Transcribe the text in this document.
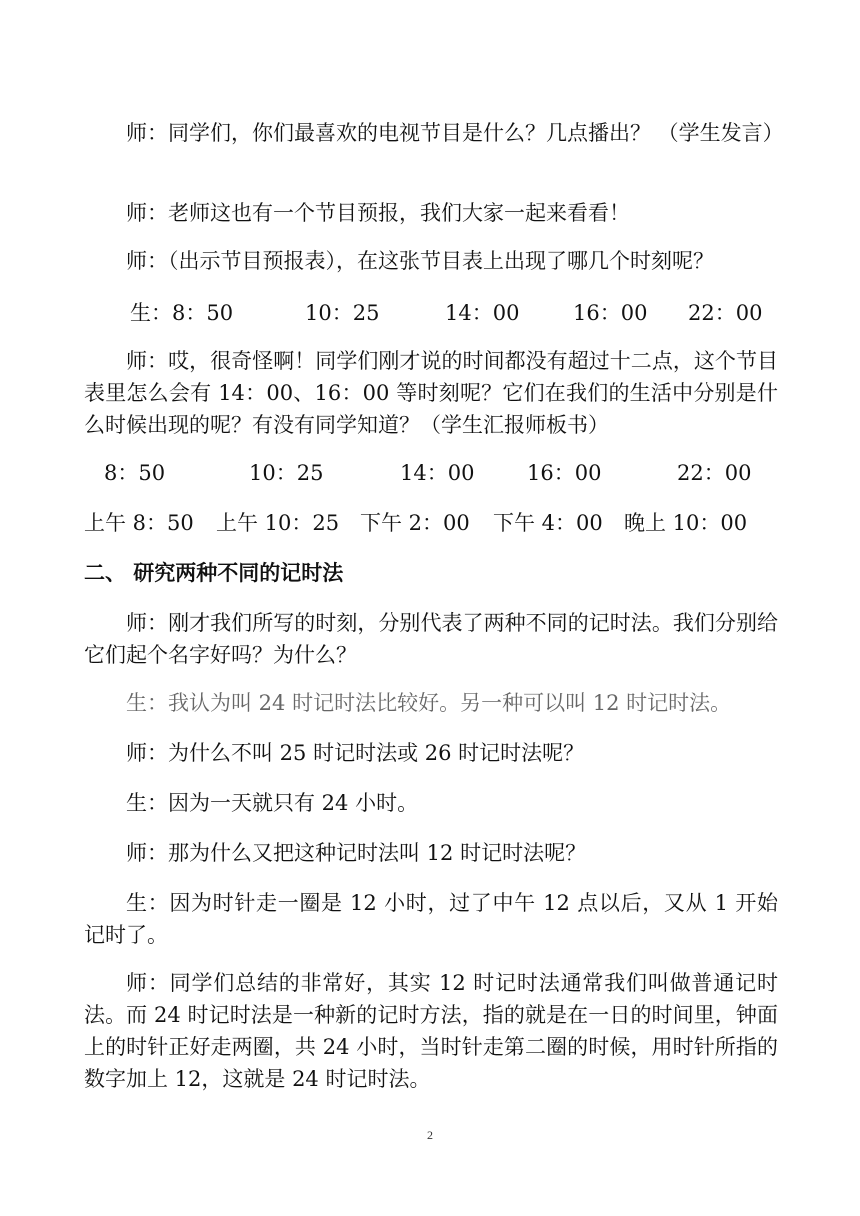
师：同学们，你们最喜欢的电视节目是什么？几点播出？ （学生发言）

师：老师这也有一个节目预报，我们大家一起来看看！

师：（出示节目预报表），在这张节目表上出现了哪几个时刻呢？

生：8：50	10：25	14：00	16：00 22：00

师：哎，很奇怪啊！同学们刚才说的时间都没有超过十二点，这个节目表里怎么会有 14：00、16：00 等时刻呢？它们在我们的生活中分别是什么时候出现的呢？有没有同学知道？（学生汇报师板书）

8：50	10：25	14：00	16：00	22：00
上午 8：50 上午 10：25 下午 2：00 下午 4：00 晚上 10：00
二、 研究两种不同的记时法

师：刚才我们所写的时刻，分别代表了两种不同的记时法。我们分别给它们起个名字好吗？为什么？

生：我认为叫 24 时记时法比较好。另一种可以叫 12 时记时法。

师：为什么不叫 25 时记时法或 26 时记时法呢？

生：因为一天就只有 24 小时。

师：那为什么又把这种记时法叫 12 时记时法呢？

生：因为时针走一圈是 12 小时，过了中午 12 点以后，又从 1 开始记时了。

师：同学们总结的非常好，其实 12 时记时法通常我们叫做普通记时法。而 24 时记时法是一种新的记时方法，指的就是在一日的时间里，钟面上的时针正好走两圈，共 24 小时，当时针走第二圈的时候，用时针所指的数字加上 12，这就是 24 时记时法。

2
